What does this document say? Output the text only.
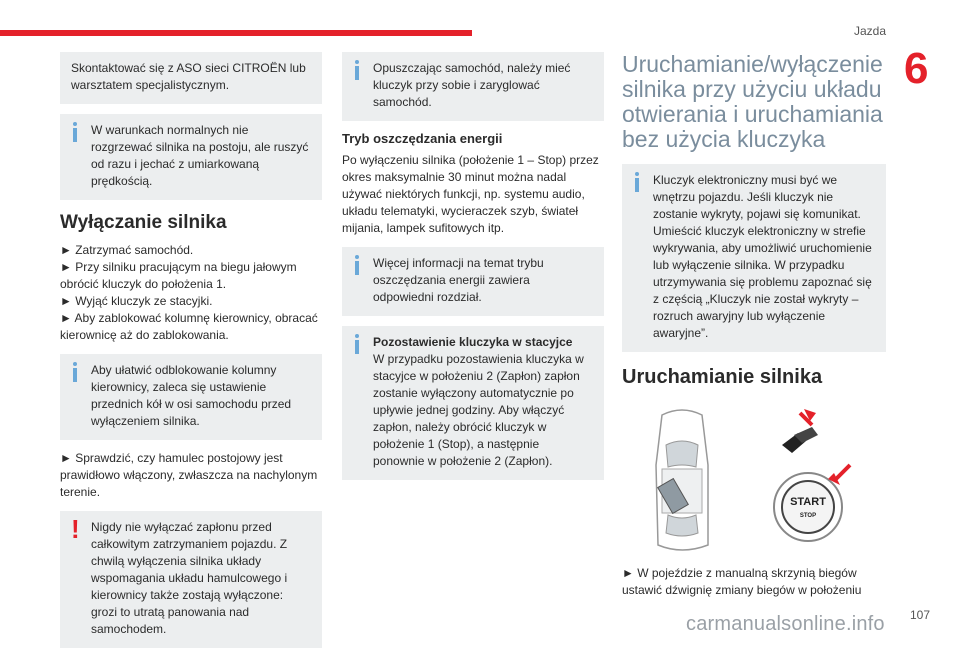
Jazda
6

Skontaktować się z ASO sieci CITROËN lub warsztatem specjalistycznym.

W warunkach normalnych nie

rozgrzewać silnika na postoju, ale ruszyć od razu i jechać z umiarkowaną prędkością.

Wyłączanie silnika

► Zatrzymać samochód.

► Przy silniku pracującym na biegu jałowym obrócić kluczyk do położenia 1.

► Wyjąć kluczyk ze stacyjki.

► Aby zablokować kolumnę kierownicy, obracać kierownicę aż do zablokowania.

Aby ułatwić odblokowanie kolumny

kierownicy, zaleca się ustawienie przednich kół w osi samochodu przed wyłączeniem silnika.

► Sprawdzić, czy hamulec postojowy jest prawidłowo włączony, zwłaszcza na nachylonym terenie.

! Nigdy nie wyłączać zapłonu przed

całkowitym zatrzymaniem pojazdu. Z chwilą wyłączenia silnika układy wspomagania układu hamulcowego i kierownicy także zostają wyłączone: grozi to utratą panowania nad samochodem.

Opuszczając samochód, należy mieć

kluczyk przy sobie i zaryglować samochód.

Tryb oszczędzania energii

Po wyłączeniu silnika (położenie 1 – Stop) przez okres maksymalnie 30 minut można nadal używać niektórych funkcji, np. systemu audio, układu telematyki, wycieraczek szyb, świateł mijania, lampek sufitowych itp.

Więcej informacji na temat trybu

oszczędzania energii zawiera odpowiedni rozdział.

Pozostawienie kluczyka w stacyjce

W przypadku pozostawienia kluczyka w stacyjce w położeniu 2 (Zapłon) zapłon zostanie wyłączony automatycznie po upływie jednej godziny. Aby włączyć zapłon, należy obrócić kluczyk w położenie 1 (Stop), a następnie ponownie w położenie 2 (Zapłon).

Uruchamianie/wyłączenie silnika przy użyciu układu otwierania i uruchamiania bez użycia kluczyka

Kluczyk elektroniczny musi być we

wnętrzu pojazdu. Jeśli kluczyk nie zostanie wykryty, pojawi się komunikat. Umieścić kluczyk elektroniczny w strefie wykrywania, aby umożliwić uruchomienie lub wyłączenie silnika. W przypadku utrzymywania się problemu zapoznać się z częścią „Kluczyk nie został wykryty – rozruch awaryjny lub wyłączenie awaryjne”.

Uruchamianie silnika
START
STOP

► W pojeździe z manualną skrzynią biegów ustawić dźwignię zmiany biegów w położeniu

107
carmanualsonline.info
